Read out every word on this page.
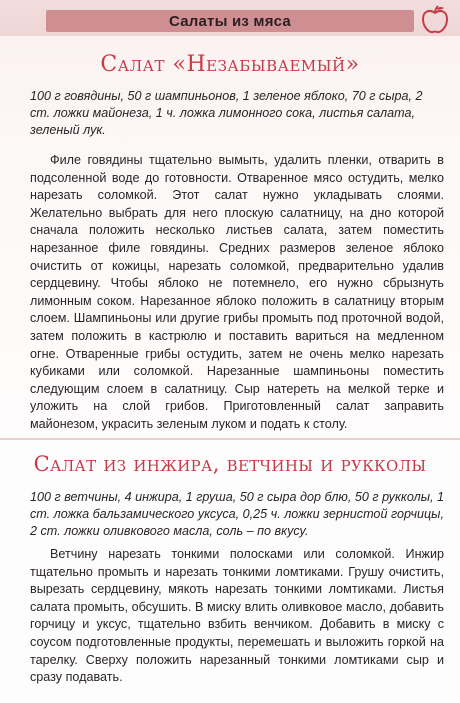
Салаты из мяса
Салат «Незабываемый»

100 г говядины, 50 г шампиньонов, 1 зеленое яблоко, 70 г сыра, 2 ст. ложки майонеза, 1 ч. ложка лимонного сока, листья салата, зеленый лук.

Филе говядины тщательно вымыть, удалить пленки, отварить в подсоленной воде до готовности. Отваренное мясо остудить, мелко нарезать соломкой. Этот салат нужно укладывать слоями. Желательно выбрать для него плоскую салатницу, на дно которой сначала положить несколько листьев салата, затем поместить нарезанное филе говядины. Средних размеров зеленое яблоко очистить от кожицы, нарезать соломкой, предварительно удалив сердцевину. Чтобы яблоко не потемнело, его нужно сбрызнуть лимонным соком. Нарезанное яблоко положить в салатницу вторым слоем. Шампиньоны или другие грибы промыть под проточной водой, затем положить в кастрюлю и поставить вариться на медленном огне. Отваренные грибы остудить, затем не очень мелко нарезать кубиками или соломкой. Нарезанные шампиньоны поместить следующим слоем в салатницу. Сыр натереть на мелкой терке и уложить на слой грибов. Приготовленный салат заправить майонезом, украсить зеленым луком и подать к столу.

Салат из инжира, ветчины и рукколы

100 г ветчины, 4 инжира, 1 груша, 50 г сыра дор блю, 50 г рукколы, 1 ст. ложка бальзамического уксуса, 0,25 ч. ложки зернистой горчицы, 2 ст. ложки оливкового масла, соль – по вкусу.

Ветчину нарезать тонкими полосками или соломкой. Инжир тщательно промыть и нарезать тонкими ломтиками. Грушу очистить, вырезать сердцевину, мякоть нарезать тонкими ломтиками. Листья салата промыть, обсушить. В миску влить оливковое масло, добавить горчицу и уксус, тщательно взбить венчиком. Добавить в миску с соусом подготовленные продукты, перемешать и выложить горкой на тарелку. Сверху положить нарезанный тонкими ломтиками сыр и сразу подавать.
